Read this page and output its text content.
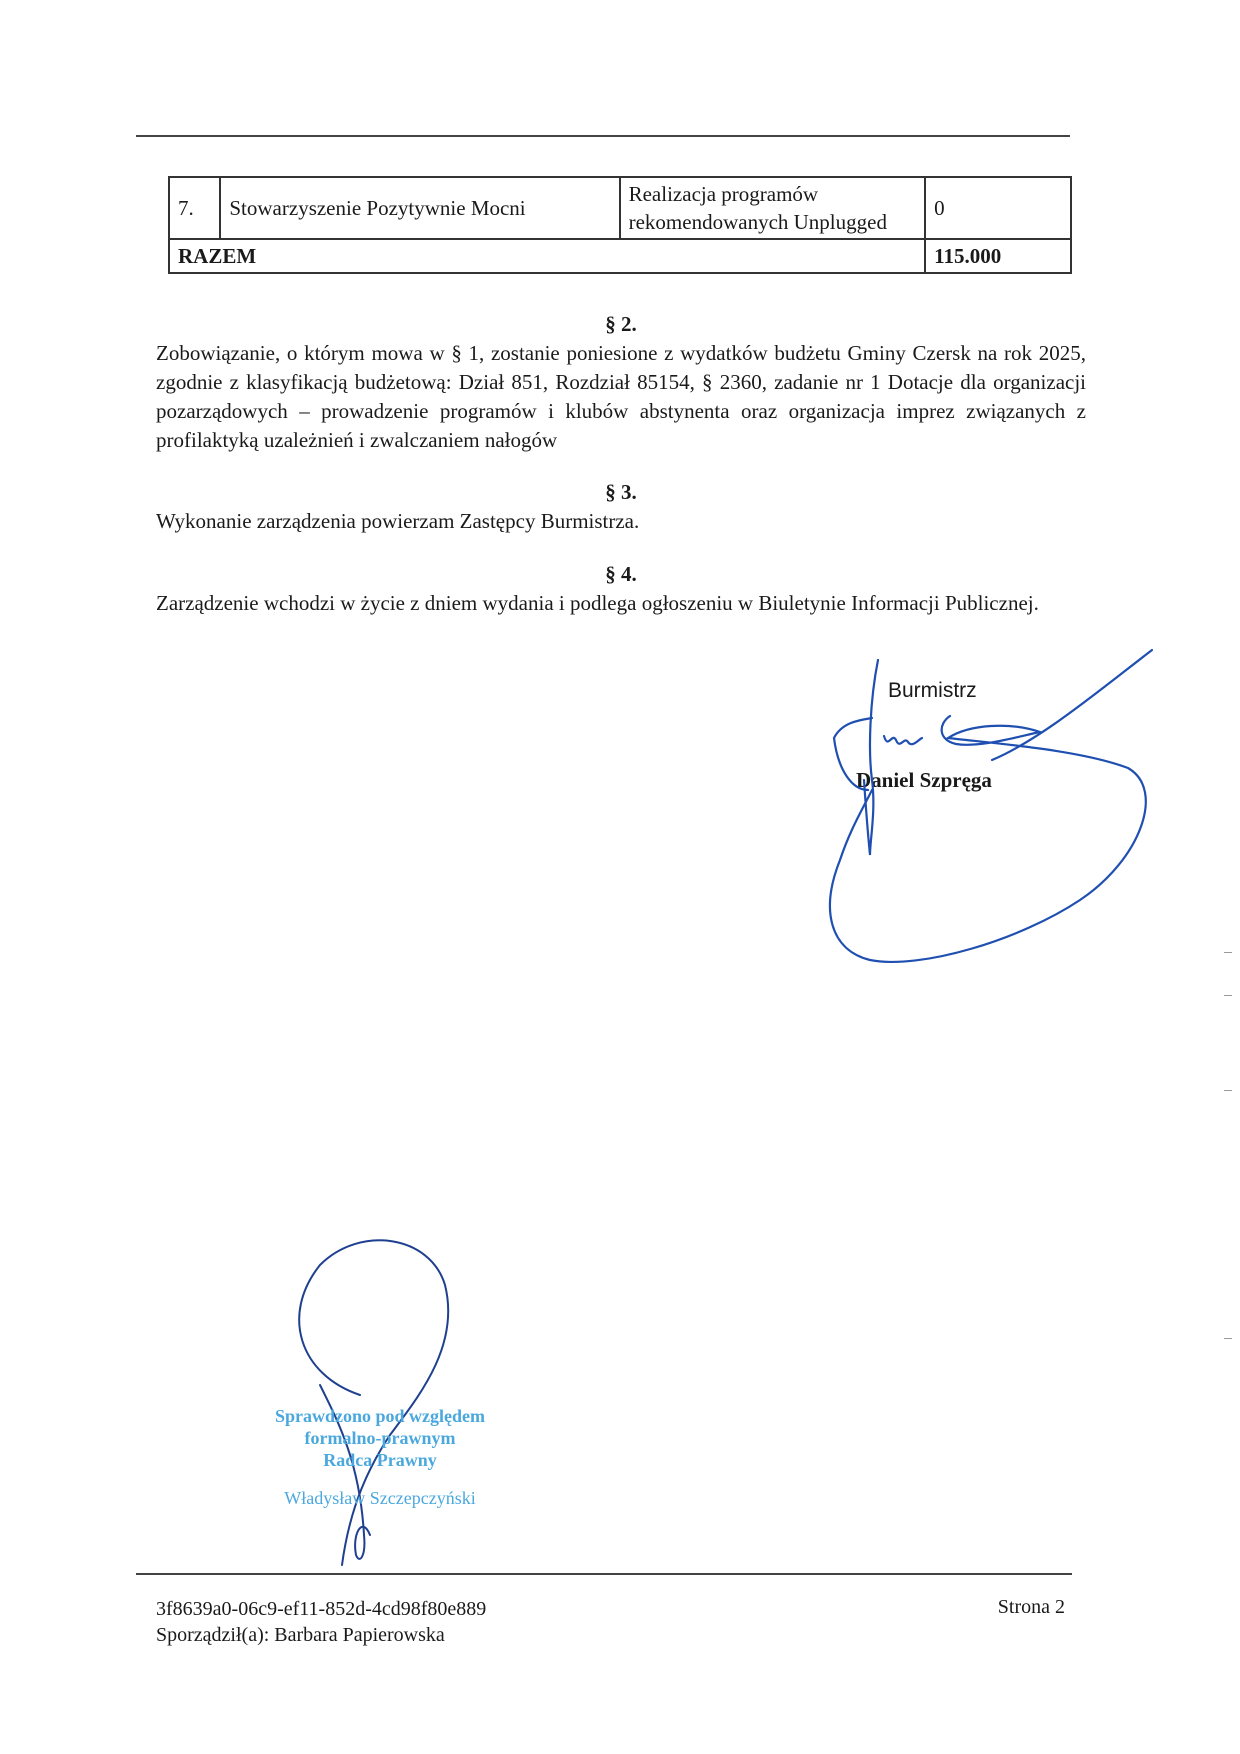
7.	Stowarzyszenie Pozytywnie Mocni	Realizacja programów
rekomendowanych Unplugged	0
RAZEM			115.000
§ 2.
Zobowiązanie, o którym mowa w § 1, zostanie poniesione z wydatków budżetu Gminy Czersk na rok 2025, zgodnie z klasyfikacją budżetową: Dział 851, Rozdział 85154, § 2360, zadanie nr 1 Dotacje dla organizacji pozarządowych – prowadzenie programów i klubów abstynenta oraz organizacja imprez związanych z profilaktyką uzależnień i zwalczaniem nałogów
§ 3.
Wykonanie zarządzenia powierzam Zastępcy Burmistrza.
§ 4.
Zarządzenie wchodzi w życie z dniem wydania i podlega ogłoszeniu w Biuletynie Informacji Publicznej.
Burmistrz
Daniel Szpręga
Sprawdzono pod względem
formalno-prawnym
Radca Prawny
Władysław Szczepczyński
3f8639a0-06c9-ef11-852d-4cd98f80e889
Sporządził(a): Barbara Papierowska
Strona 2
